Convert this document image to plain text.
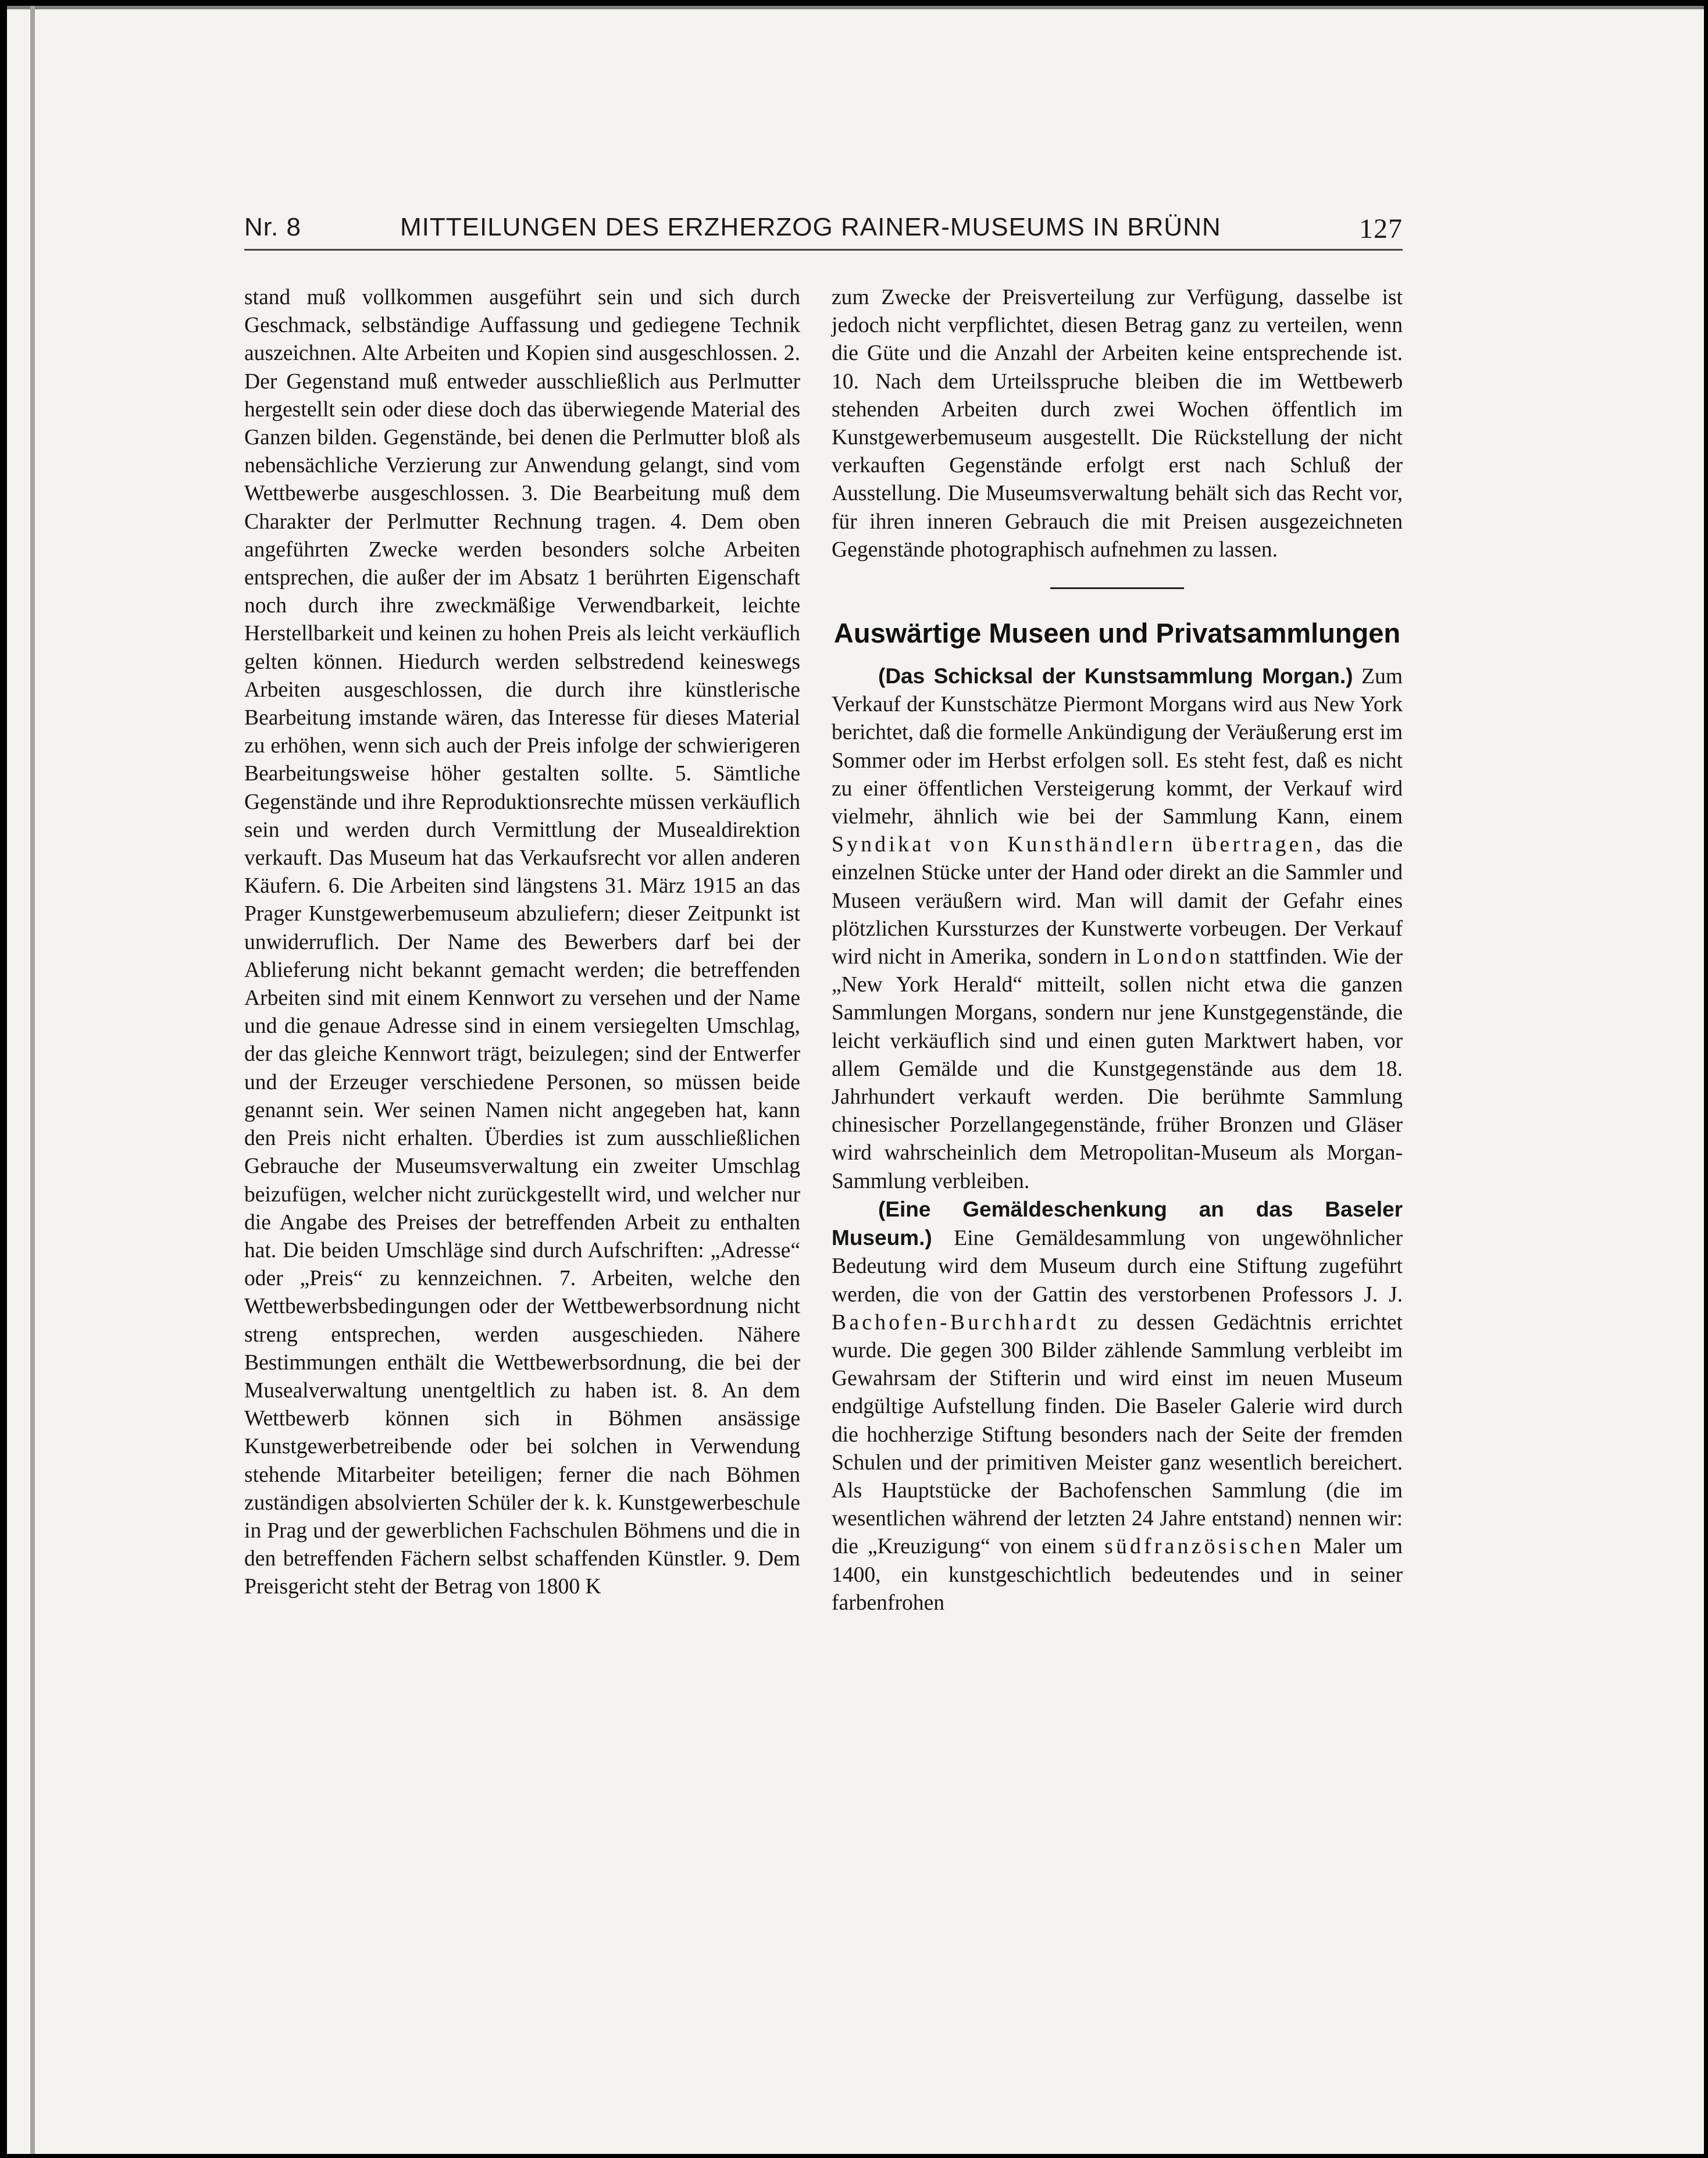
Nr. 8	MITTEILUNGEN DES ERZHERZOG RAINER-MUSEUMS IN BRÜNN	127

stand muß vollkommen ausgeführt sein und sich durch Geschmack, selbständige Auffassung und gediegene Technik auszeichnen. Alte Arbeiten und Kopien sind ausgeschlossen. 2. Der Gegenstand muß entweder ausschließlich aus Perlmutter hergestellt sein oder diese doch das überwiegende Material des Ganzen bilden. Gegenstände, bei denen die Perlmutter bloß als nebensächliche Verzierung zur Anwendung gelangt, sind vom Wettbewerbe ausgeschlossen. 3. Die Bearbeitung muß dem Charakter der Perlmutter Rechnung tragen. 4. Dem oben angeführten Zwecke werden besonders solche Arbeiten entsprechen, die außer der im Absatz 1 berührten Eigenschaft noch durch ihre zweckmäßige Verwendbarkeit, leichte Herstellbarkeit und keinen zu hohen Preis als leicht verkäuflich gelten können. Hiedurch werden selbstredend keineswegs Arbeiten ausgeschlossen, die durch ihre künstlerische Bearbeitung imstande wären, das Interesse für dieses Material zu erhöhen, wenn sich auch der Preis infolge der schwierigeren Bearbeitungsweise höher gestalten sollte. 5. Sämtliche Gegenstände und ihre Reproduktionsrechte müssen verkäuflich sein und werden durch Vermittlung der Musealdirektion verkauft. Das Museum hat das Verkaufsrecht vor allen anderen Käufern. 6. Die Arbeiten sind längstens 31. März 1915 an das Prager Kunstgewerbemuseum abzuliefern; dieser Zeitpunkt ist unwiderruflich. Der Name des Bewerbers darf bei der Ablieferung nicht bekannt gemacht werden; die betreffenden Arbeiten sind mit einem Kennwort zu versehen und der Name und die genaue Adresse sind in einem versiegelten Umschlag, der das gleiche Kennwort trägt, beizulegen; sind der Entwerfer und der Erzeuger verschiedene Personen, so müssen beide genannt sein. Wer seinen Namen nicht angegeben hat, kann den Preis nicht erhalten. Überdies ist zum ausschließlichen Gebrauche der Museumsverwaltung ein zweiter Umschlag beizufügen, welcher nicht zurückgestellt wird, und welcher nur die Angabe des Preises der betreffenden Arbeit zu enthalten hat. Die beiden Umschläge sind durch Aufschriften: „Adresse“ oder „Preis“ zu kennzeichnen. 7. Arbeiten, welche den Wettbewerbsbedingungen oder der Wettbewerbsordnung nicht streng entsprechen, werden ausgeschieden. Nähere Bestimmungen enthält die Wettbewerbsordnung, die bei der Musealverwaltung unentgeltlich zu haben ist. 8. An dem Wettbewerb können sich in Böhmen ansässige Kunstgewerbetreibende oder bei solchen in Verwendung stehende Mitarbeiter beteiligen; ferner die nach Böhmen zuständigen absolvierten Schüler der k. k. Kunstgewerbeschule in Prag und der gewerblichen Fachschulen Böhmens und die in den betreffenden Fächern selbst schaffenden Künstler. 9. Dem Preisgericht steht der Betrag von 1800 K

zum Zwecke der Preisverteilung zur Verfügung, dasselbe ist jedoch nicht verpflichtet, diesen Betrag ganz zu verteilen, wenn die Güte und die Anzahl der Arbeiten keine entsprechende ist. 10. Nach dem Urteilsspruche bleiben die im Wettbewerb stehenden Arbeiten durch zwei Wochen öffentlich im Kunstgewerbemuseum ausgestellt. Die Rückstellung der nicht verkauften Gegenstände erfolgt erst nach Schluß der Ausstellung. Die Museumsverwaltung behält sich das Recht vor, für ihren inneren Gebrauch die mit Preisen ausgezeichneten Gegenstände photographisch aufnehmen zu lassen.

Auswärtige Museen und Privatsammlungen

(Das Schicksal der Kunstsammlung Morgan.) Zum Verkauf der Kunstschätze Piermont Morgans wird aus New York berichtet, daß die formelle Ankündigung der Veräußerung erst im Sommer oder im Herbst erfolgen soll. Es steht fest, daß es nicht zu einer öffentlichen Versteigerung kommt, der Verkauf wird vielmehr, ähnlich wie bei der Sammlung Kann, einem Syndikat von Kunsthändlern übertragen, das die einzelnen Stücke unter der Hand oder direkt an die Sammler und Museen veräußern wird. Man will damit der Gefahr eines plötzlichen Kurssturzes der Kunstwerte vorbeugen. Der Verkauf wird nicht in Amerika, sondern in London stattfinden. Wie der „New York Herald“ mitteilt, sollen nicht etwa die ganzen Sammlungen Morgans, sondern nur jene Kunstgegenstände, die leicht verkäuflich sind und einen guten Marktwert haben, vor allem Gemälde und die Kunstgegenstände aus dem 18. Jahrhundert verkauft werden. Die berühmte Sammlung chinesischer Porzellangegenstände, früher Bronzen und Gläser wird wahrscheinlich dem Metropolitan-Museum als Morgan-Sammlung verbleiben.

(Eine Gemäldeschenkung an das Baseler Museum.) Eine Gemäldesammlung von ungewöhnlicher Bedeutung wird dem Museum durch eine Stiftung zugeführt werden, die von der Gattin des verstorbenen Professors J. J. Bachofen-Burchhardt zu dessen Gedächtnis errichtet wurde. Die gegen 300 Bilder zählende Sammlung verbleibt im Gewahrsam der Stifterin und wird einst im neuen Museum endgültige Aufstellung finden. Die Baseler Galerie wird durch die hochherzige Stiftung besonders nach der Seite der fremden Schulen und der primitiven Meister ganz wesentlich bereichert. Als Hauptstücke der Bachofenschen Sammlung (die im wesentlichen während der letzten 24 Jahre entstand) nennen wir: die „Kreuzigung“ von einem südfranzösischen Maler um 1400, ein kunstgeschichtlich bedeutendes und in seiner farbenfrohen
